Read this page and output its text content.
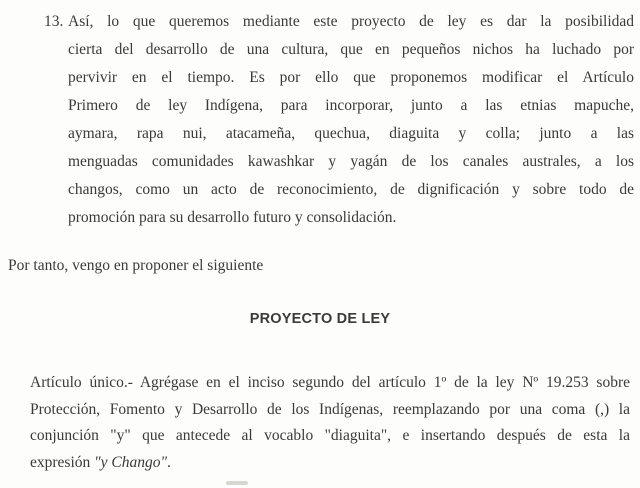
13. Así, lo que queremos mediante este proyecto de ley es dar la posibilidad
cierta del desarrollo de una cultura, que en pequeños nichos ha luchado por
pervivir en el tiempo. Es por ello que proponemos modificar el Artículo
Primero de ley Indígena, para incorporar, junto a las etnias mapuche,
aymara, rapa nui, atacameña, quechua, diaguita y colla; junto a las
menguadas comunidades kawashkar y yagán de los canales australes, a los
changos, como un acto de reconocimiento, de dignificación y sobre todo de
promoción para su desarrollo futuro y consolidación.
Por tanto, vengo en proponer el siguiente
PROYECTO DE LEY
Artículo único.- Agrégase en el inciso segundo del artículo 1º de la ley Nº 19.253 sobre
Protección, Fomento y Desarrollo de los Indígenas, reemplazando por una coma (,) la
conjunción "y" que antecede al vocablo "diaguita", e insertando después de esta la
expresión "y Chango".
